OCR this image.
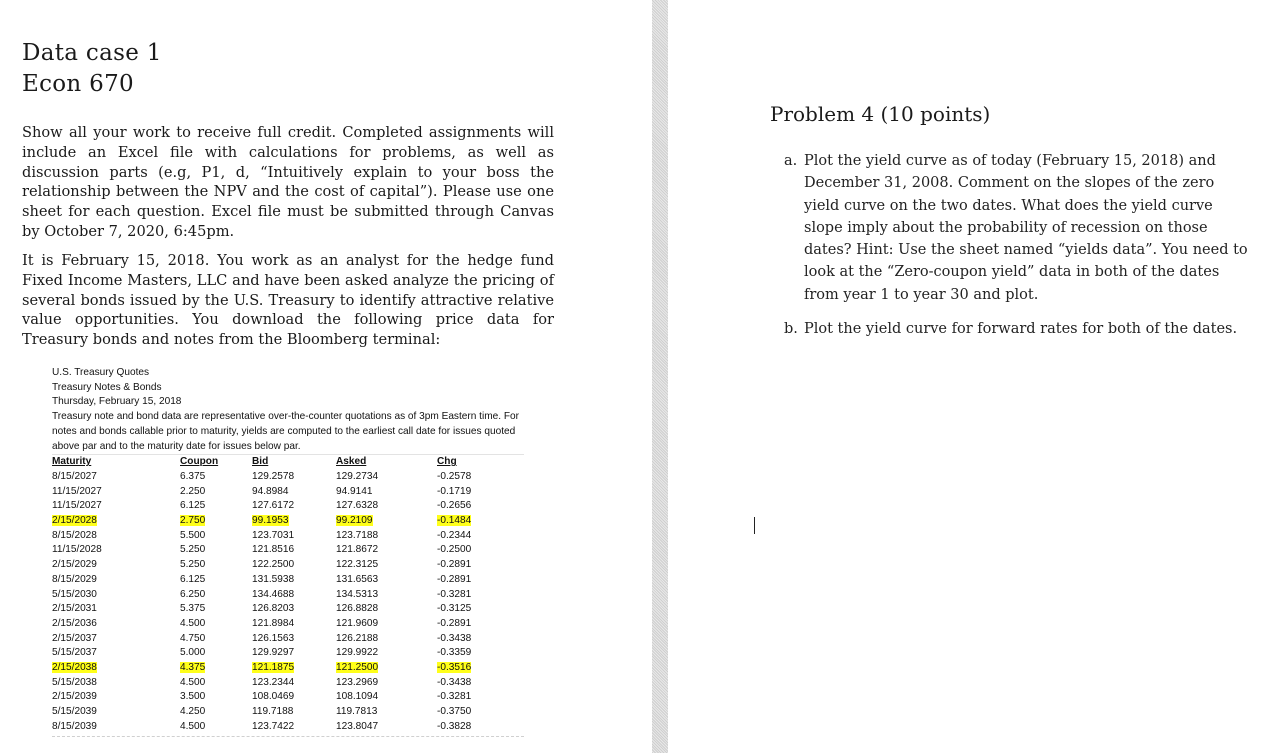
Data case 1
Econ 670

Show all your work to receive full credit. Completed assignments will include an Excel file with calculations for problems, as well as discussion parts (e.g, P1, d, “Intuitively explain to your boss the relationship between the NPV and the cost of capital”). Please use one sheet for each question. Excel file must be submitted through Canvas by October 7, 2020, 6:45pm.

It is February 15, 2018. You work as an analyst for the hedge fund Fixed Income Masters, LLC and have been asked analyze the pricing of several bonds issued by the U.S. Treasury to identify attractive relative value opportunities. You download the following price data for Treasury bonds and notes from the Bloomberg terminal:

U.S. Treasury Quotes
Treasury Notes & Bonds
Thursday, February 15, 2018
Treasury note and bond data are representative over-the-counter quotations as of 3pm Eastern time. For notes and bonds callable prior to maturity, yields are computed to the earliest call date for issues quoted above par and to the maturity date for issues below par.
Maturity	Coupon	Bid	Asked	Chg
8/15/2027	6.375	129.2578	129.2734	-0.2578
11/15/2027	2.250	94.8984	94.9141	-0.1719
11/15/2027	6.125	127.6172	127.6328	-0.2656
2/15/2028	2.750	99.1953	99.2109	-0.1484
8/15/2028	5.500	123.7031	123.7188	-0.2344
11/15/2028	5.250	121.8516	121.8672	-0.2500
2/15/2029	5.250	122.2500	122.3125	-0.2891
8/15/2029	6.125	131.5938	131.6563	-0.2891
5/15/2030	6.250	134.4688	134.5313	-0.3281
2/15/2031	5.375	126.8203	126.8828	-0.3125
2/15/2036	4.500	121.8984	121.9609	-0.2891
2/15/2037	4.750	126.1563	126.2188	-0.3438
5/15/2037	5.000	129.9297	129.9922	-0.3359
2/15/2038	4.375	121.1875	121.2500	-0.3516
5/15/2038	4.500	123.2344	123.2969	-0.3438
2/15/2039	3.500	108.0469	108.1094	-0.3281
5/15/2039	4.250	119.7188	119.7813	-0.3750
8/15/2039	4.500	123.7422	123.8047	-0.3828
Problem 4 (10 points)
a. Plot the yield curve as of today (February 15, 2018) and December 31, 2008. Comment on the slopes of the zero yield curve on the two dates. What does the yield curve slope imply about the probability of recession on those dates? Hint: Use the sheet named “yields data”. You need to look at the “Zero-coupon yield” data in both of the dates from year 1 to year 30 and plot.
b. Plot the yield curve for forward rates for both of the dates.
